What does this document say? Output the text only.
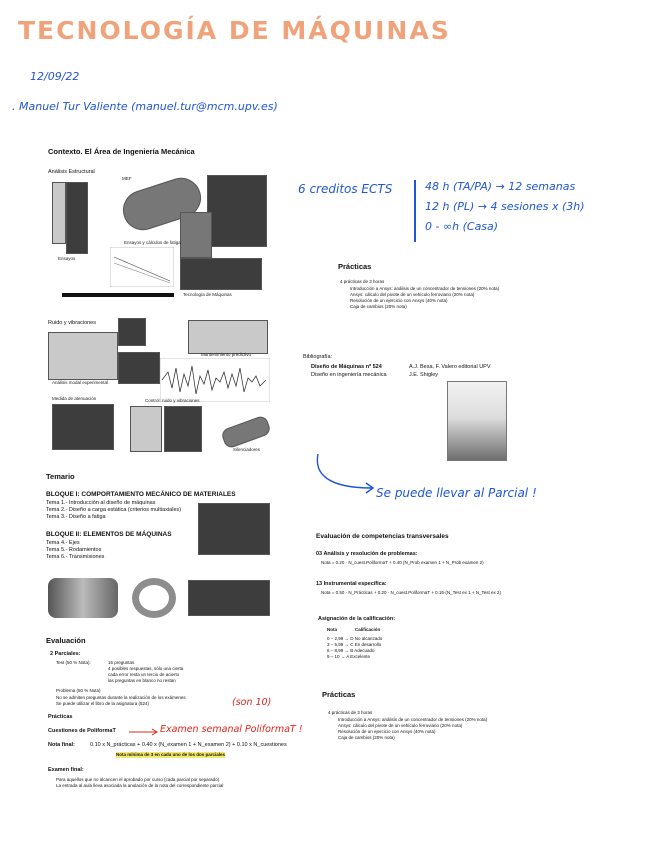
TECNOLOGÍA DE MÁQUINAS
12/09/22
. Manuel Tur Valiente (manuel.tur@mcm.upv.es)
Contexto. El Área de Ingeniería Mecánica
Análisis Estructural
Ensayos
MEF
Ensayos y cálculos de fatiga
Tecnología de Máquinas
Ruido y vibraciones
Análisis modal experimental
Mantenimiento predictivo
Medida de atenuación	Control: ruido y vibraciones
Silenciadores
6 creditos ECTS	48 h (TA/PA) → 12 semanas
12 h (PL) → 4 sesiones x (3h)
0 - ∞h (Casa)
Prácticas
4 prácticas de 3 horas
Introducción a Ansys: análisis de un concentrador de tensiones (20% nota)
Ansys: cálculo del pivote de un vehículo ferroviario (20% nota)
Resolución de un ejercicio con Ansys (40% nota)
Caja de cambios (20% nota)
Bibliografía:
Diseño de Máquinas nº 524	A.J. Besa, F. Valero editorial UPV
Diseño en ingeniería mecánica	J.E. Shigley
Se puede llevar al Parcial !
Temario
BLOQUE I: COMPORTAMIENTO MECÁNICO DE MATERIALES
Tema 1.- Introducción al diseño de máquinas
Tema 2.- Diseño a carga estática (criterios multiaxiales)
Tema 3.- Diseño a fatiga
BLOQUE II: ELEMENTOS DE MÁQUINAS
Tema 4.- Ejes
Tema 5.- Rodamientos
Tema 6.- Transmisiones
Evaluación
2 Parciales:
Test (50 % Nota):	15 preguntas
4 posibles respuestas, sólo una cierta
cada error resta un tercio de acierto
las preguntas en blanco no restan
Problema (50 % Nota)
No se admiten preguntas durante la realización de los exámenes
Se puede utilizar el libro de la asignatura (524)
Prácticas
Cuestiones de PoliformaT	Examen semanal PoliformaT !
(son 10)
Nota final:	0.10 x N_prácticas + 0.40 x (N_examen 1 + N_examen 2) + 0.10 x N_cuestiones
Nota mínima de 3 en cada uno de los dos parciales
Examen final:
Para aquellos que no alcancen el aprobado por curso (cada parcial por separado)
La entrada al aula lleva asociada la anulación de la nota del correspondiente parcial
Evaluación de competencias transversales
03 Análisis y resolución de problemas:
Nota = 0.20 · N_cuest.PoliformaT + 0.40 (N_Prob examen 1 + N_Prob examen 2)
13 Instrumental específica:
Nota = 0.50 · N_Prácticas + 0.20 · N_cuest.PoliformaT + 0.15·(N_Test ex 1 + N_Test ex 2)
Asignación de la calificación:
Nota	Calificación
0 – 2,99 → D No alcanzado
3 – 5,99 → C En desarrollo
6 – 8,99 → B Adecuado
9 – 10 → A Excelente
Prácticas
4 prácticas de 3 horas
Introducción a Ansys: análisis de un concentrador de tensiones (20% nota)
Ansys: cálculo del pivote de un vehículo ferroviario (20% nota)
Resolución de un ejercicio con Ansys (40% nota)
Caja de cambios (20% nota)
